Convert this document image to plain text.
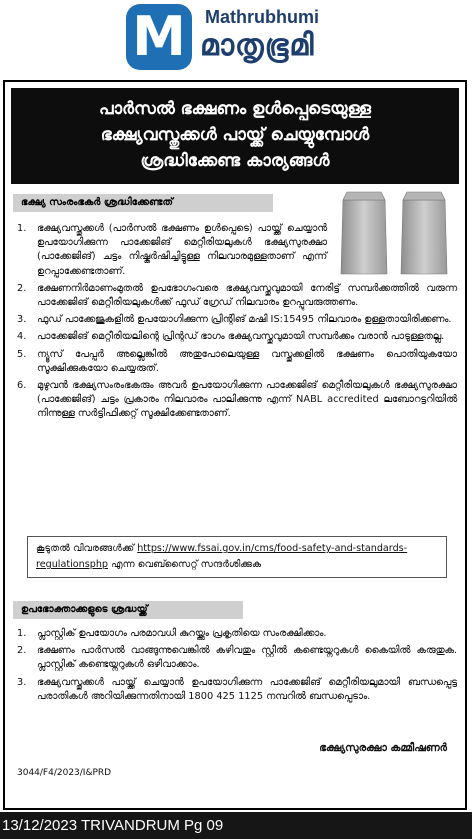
M	Mathrubhumi
മാതൃഭൂമി
പാർസൽ ഭക്ഷണം ഉൾപ്പെടെയുള്ള
ഭക്ഷ്യവസ്തുക്കൾ പായ്ക്ക് ചെയ്യുമ്പോൾ
ശ്രദ്ധിക്കേണ്ട കാര്യങ്ങൾ
ഭക്ഷ്യ സംരംഭകർ ശ്രദ്ധിക്കേണ്ടത്
1. ഭക്ഷ്യവസ്തുക്കൾ (പാർസൽ ഭക്ഷണം ഉൾപ്പെടെ) പായ്ക്ക് ചെയ്യാൻ ഉപയോഗിക്കുന്ന പാക്കേജിങ് മെറ്റീരിയലുകൾ ഭക്ഷ്യസുരക്ഷാ (പാക്കേജിങ്) ചട്ടം നിഷ്കർഷിച്ചിട്ടുള്ള നിലവാരമുള്ളതാണ് എന്ന് ഉറപ്പാക്കേണ്ടതാണ്.
2. ഭക്ഷണനിർമാണംമുതൽ ഉപഭോഗംവരെ ഭക്ഷ്യവസ്തുവുമായി നേരിട്ട് സമ്പർക്കത്തിൽ വരുന്ന പാക്കേജിങ് മെറ്റീരിയലുകൾക്ക് ഫുഡ് ഗ്രേഡ് നിലവാരം ഉറപ്പുവരുത്തണം.
3. ഫുഡ് പാക്കേജുകളിൽ ഉപയോഗിക്കുന്ന പ്രിന്റിങ് മഷി IS:15495 നിലവാരം ഉള്ളതായിരിക്കണം.
4. പാക്കേജിങ് മെറ്റീരിയലിന്റെ പ്രിന്റഡ് ഭാഗം ഭക്ഷ്യവസ്തുവുമായി സമ്പർക്കം വരാൻ പാടുള്ളതല്ല.
5. ന്യൂസ് പേപ്പർ അല്ലെങ്കിൽ അതുപോലെയുള്ള വസ്തുക്കളിൽ ഭക്ഷണം പൊതിയുകയോ സൂക്ഷിക്കുകയോ ചെയ്യരുത്.
6. മുഴുവൻ ഭക്ഷ്യസംരംഭകരും അവർ ഉപയോഗിക്കുന്ന പാക്കേജിങ് മെറ്റീരിയലുകൾ ഭക്ഷ്യസുരക്ഷാ (പാക്കേജിങ്) ചട്ടം പ്രകാരം നിലവാരം പാലിക്കുന്നു എന്ന് NABL accredited ലബോറട്ടറിയിൽ നിന്നുള്ള സർട്ടിഫിക്കറ്റ് സൂക്ഷിക്കേണ്ടതാണ്.
കൂടുതൽ വിവരങ്ങൾക്ക് https://www.fssai.gov.in/cms/food-safety-and-standards-regulationsphp എന്ന വെബ്സൈറ്റ് സന്ദർശിക്കുക
ഉപഭോക്താക്കളുടെ ശ്രദ്ധയ്ക്ക്
1. പ്ലാസ്റ്റിക് ഉപയോഗം പരമാവധി കുറയ്ക്കും പ്രകൃതിയെ സംരക്ഷിക്കാം.
2. ഭക്ഷണം പാർസൽ വാങ്ങുന്നുവെങ്കിൽ കഴിവതും സ്റ്റീൽ കണ്ടെയ്നറുകൾ കൈയിൽ കരുതുക. പ്ലാസ്റ്റിക് കണ്ടെയ്നറുകൾ ഒഴിവാക്കാം.
3. ഭക്ഷ്യവസ്തുക്കൾ പായ്ക്ക് ചെയ്യാൻ ഉപയോഗിക്കുന്ന പാക്കേജിങ് മെറ്റീരിയലുമായി ബന്ധപ്പെട്ട പരാതികൾ അറിയിക്കുന്നതിനായി 1800 425 1125 നമ്പറിൽ ബന്ധപ്പെടാം.
ഭക്ഷ്യസുരക്ഷാ കമ്മീഷണർ
3044/F4/2023/I&PRD
13/12/2023 TRIVANDRUM Pg 09
